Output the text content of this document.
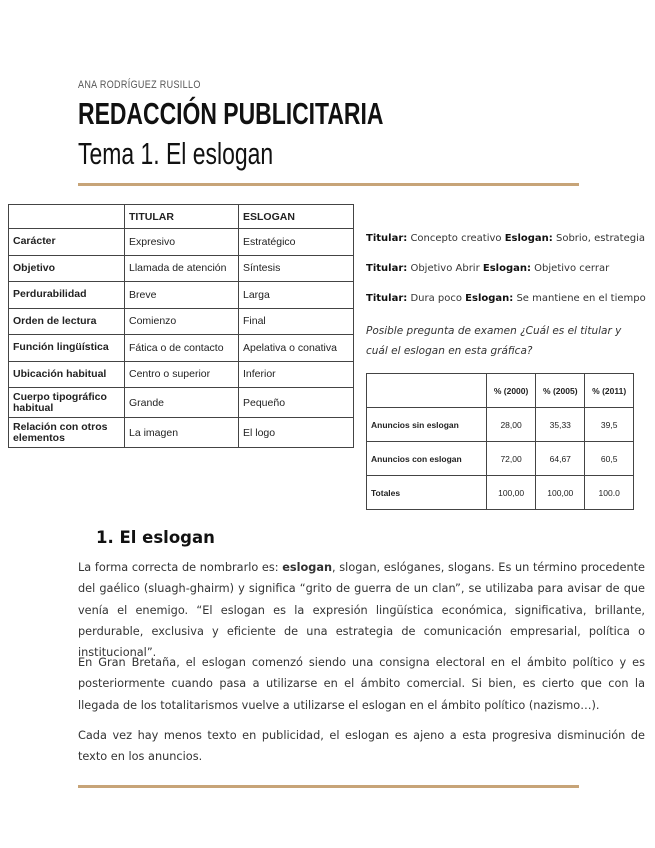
ANA RODRÍGUEZ RUSILLO
REDACCIÓN PUBLICITARIA
Tema 1. El eslogan
	TITULAR	ESLOGAN
Carácter	Expresivo	Estratégico
Objetivo	Llamada de atención	Síntesis
Perdurabilidad	Breve	Larga
Orden de lectura	Comienzo	Final
Función lingüística	Fática o de contacto	Apelativa o conativa
Ubicación habitual	Centro o superior	Inferior
Cuerpo tipográfico habitual	Grande	Pequeño
Relación con otros elementos	La imagen	El logo
Titular: Concepto creativo Eslogan: Sobrio, estrategia
Titular: Objetivo Abrir Eslogan: Objetivo cerrar
Titular: Dura poco Eslogan: Se mantiene en el tiempo
Posible pregunta de examen ¿Cuál es el titular y cuál el eslogan en esta gráfica?
	% (2000)	% (2005)	% (2011)
Anuncios sin eslogan	28,00	35,33	39,5
Anuncios con eslogan	72,00	64,67	60,5
Totales	100,00	100,00	100.0
1. El eslogan

La forma correcta de nombrarlo es: eslogan, slogan, eslóganes, slogans. Es un término procedente del gaélico (sluagh-ghairm) y significa “grito de guerra de un clan”, se utilizaba para avisar de que venía el enemigo. “El eslogan es la expresión lingüística económica, significativa, brillante, perdurable, exclusiva y eficiente de una estrategia de comunicación empresarial, política o institucional”.

En Gran Bretaña, el eslogan comenzó siendo una consigna electoral en el ámbito político y es posteriormente cuando pasa a utilizarse en el ámbito comercial. Si bien, es cierto que con la llegada de los totalitarismos vuelve a utilizarse el eslogan en el ámbito político (nazismo…).

Cada vez hay menos texto en publicidad, el eslogan es ajeno a esta progresiva disminución de texto en los anuncios.
